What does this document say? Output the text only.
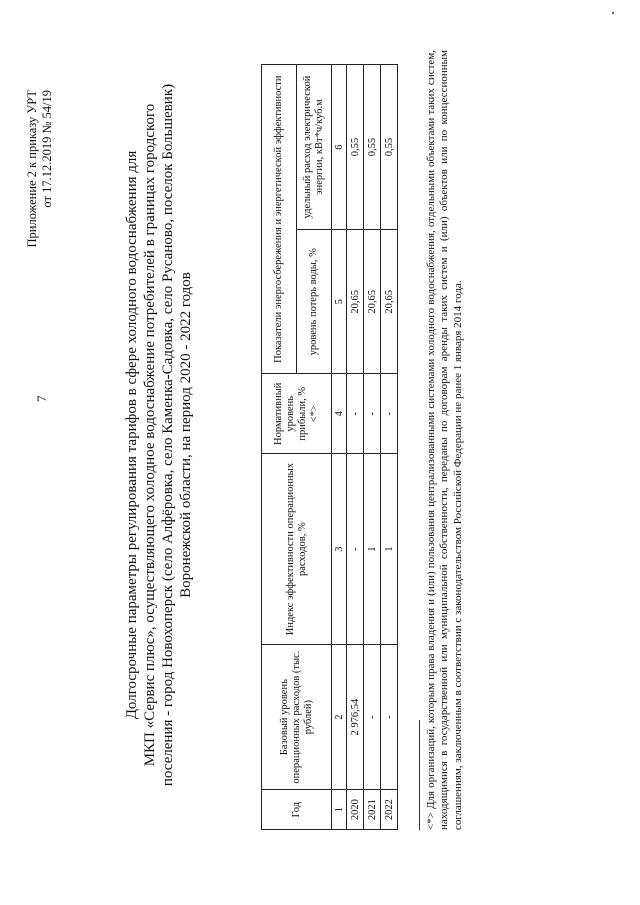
7
Приложение 2 к приказу УРТ от 17.12.2019 № 54/19
Долгосрочные параметры регулирования тарифов в сфере холодного водоснабжения для МКП «Сервис плюс», осуществляющего холодное водоснабжение потребителей в границах городского поселения - город Новохоперск (село Алфёровка, село Каменка-Садовка, село Русаново, поселок Большевик) Воронежской области, на период 2020 - 2022 годов
Год	Базовый уровень операционных расходов (тыс. рублей)	Индекс эффективности операционных расходов, %	Нормативный уровень прибыли, % <*>	Показатели энергосбережения и энергетической эффективности	
				уровень потерь воды, %	удельный расход электрической энергии, кВт*ч/куб.м
1	2	3	4	5	6
2020	2 976,54	-	-	20,65	0,55
2021	-	1	-	20,65	0,55
2022	-	1	-	20,65	0,55	<*> Для организаций, которым права владения и (или) пользования централизованными системами холодного водоснабжения, отдельными объектами таких систем, находящимися в государственной или муниципальной собственности, переданы по договорам аренды таких систем и (или) объектов или по концессионным соглашениям, заключенным в соответствии с законодательством Российской Федерации не ранее 1 января 2014 года.
